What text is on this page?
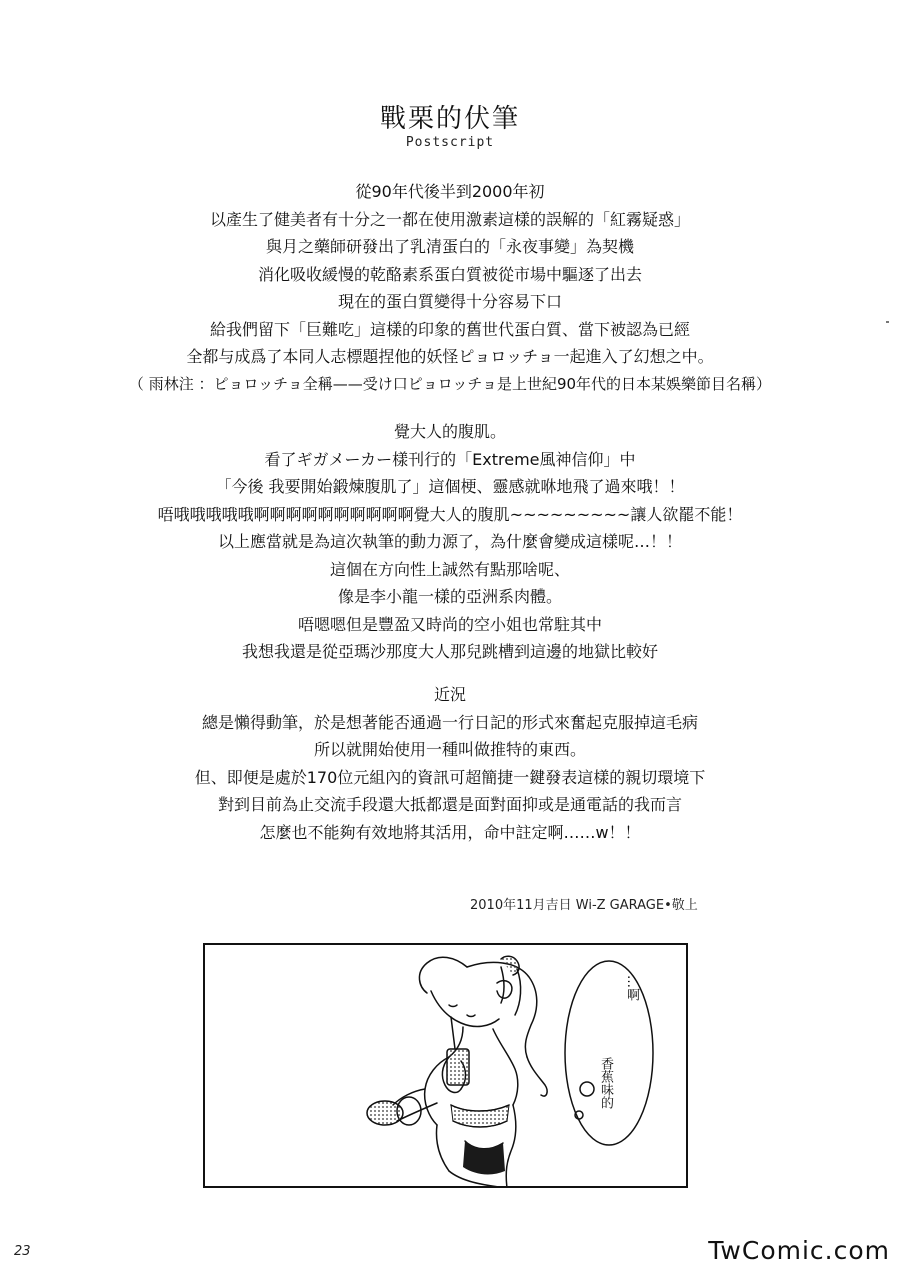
戰栗的伏筆
Postscript
從90年代後半到2000年初
以產生了健美者有十分之一都在使用激素這樣的誤解的「紅霧疑惑」
與月之藥師研發出了乳清蛋白的「永夜事變」為契機
消化吸收緩慢的乾酪素系蛋白質被從市場中驅逐了出去
現在的蛋白質變得十分容易下口
給我們留下「巨難吃」這樣的印象的舊世代蛋白質、當下被認為已經
全都与成爲了本同人志標題捏他的妖怪ピョロッチョ一起進入了幻想之中。
（ 雨林注 ：ピョロッチョ全稱——受け口ピョロッチョ是上世紀90年代的日本某娛樂節目名稱）
覺大人的腹肌。
看了ギガメーカー樣刊行的「Extreme風神信仰」中
「今後 我要開始鍛煉腹肌了」這個梗、靈感就咻地飛了過來哦！！
唔哦哦哦哦哦啊啊啊啊啊啊啊啊啊啊覺大人的腹肌~~~~~~~~~讓人欲罷不能！
以上應當就是為這次執筆的動力源了，為什麼會變成這樣呢…！！
這個在方向性上誠然有點那啥呢、
像是李小龍一樣的亞洲系肉體。
唔嗯嗯但是豐盈又時尚的空小姐也常駐其中
我想我還是從亞瑪沙那度大人那兒跳槽到這邊的地獄比較好
近況
總是懶得動筆，於是想著能否通過一行日記的形式來奮起克服掉這毛病
所以就開始使用一種叫做推特的東西。
但、即便是處於170位元組內的資訊可超簡捷一鍵發表這樣的親切環境下
對到目前為止交流手段還大抵都還是面對面抑或是通電話的我而言
怎麼也不能夠有效地將其活用，命中註定啊……w！！
2010年11月吉日 Wi-Z GARAGE•敬上
…啊
香蕉味的
23	TwComic.com
